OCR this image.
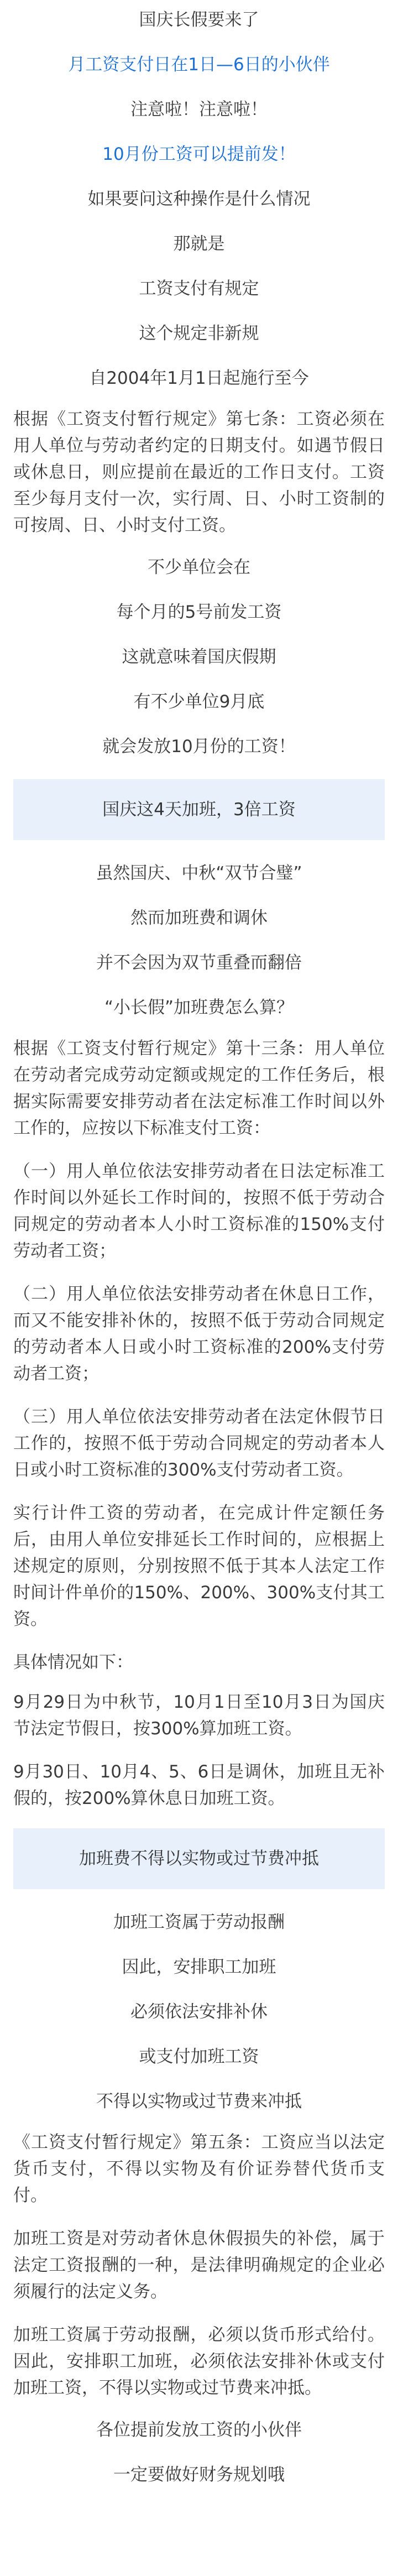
国庆长假要来了

月工资支付日在1日—6日的小伙伴

注意啦！注意啦！

10月份工资可以提前发！

如果要问这种操作是什么情况

那就是

工资支付有规定

这个规定非新规

自2004年1月1日起施行至今

根据《工资支付暂行规定》第七条：工资必须在用人单位与劳动者约定的日期支付。如遇节假日或休息日，则应提前在最近的工作日支付。工资至少每月支付一次，实行周、日、小时工资制的可按周、日、小时支付工资。

不少单位会在

每个月的5号前发工资

这就意味着国庆假期

有不少单位9月底

就会发放10月份的工资！

国庆这4天加班，3倍工资

虽然国庆、中秋“双节合璧”

然而加班费和调休

并不会因为双节重叠而翻倍

“小长假”加班费怎么算？

根据《工资支付暂行规定》第十三条：用人单位在劳动者完成劳动定额或规定的工作任务后，根据实际需要安排劳动者在法定标准工作时间以外工作的，应按以下标准支付工资：

（一）用人单位依法安排劳动者在日法定标准工作时间以外延长工作时间的，按照不低于劳动合同规定的劳动者本人小时工资标准的150%支付劳动者工资；

（二）用人单位依法安排劳动者在休息日工作，而又不能安排补休的，按照不低于劳动合同规定的劳动者本人日或小时工资标准的200%支付劳动者工资；

（三）用人单位依法安排劳动者在法定休假节日工作的，按照不低于劳动合同规定的劳动者本人日或小时工资标准的300%支付劳动者工资。

实行计件工资的劳动者，在完成计件定额任务后，由用人单位安排延长工作时间的，应根据上述规定的原则，分别按照不低于其本人法定工作时间计件单价的150%、200%、300%支付其工资。

具体情况如下：

9月29日为中秋节，10月1日至10月3日为国庆节法定节假日，按300%算加班工资。

9月30日、10月4、5、6日是调休，加班且无补假的，按200%算休息日加班工资。

加班费不得以实物或过节费冲抵

加班工资属于劳动报酬

因此，安排职工加班

必须依法安排补休

或支付加班工资

不得以实物或过节费来冲抵

《工资支付暂行规定》第五条：工资应当以法定货币支付，不得以实物及有价证券替代货币支付。

加班工资是对劳动者休息休假损失的补偿，属于法定工资报酬的一种，是法律明确规定的企业必须履行的法定义务。

加班工资属于劳动报酬，必须以货币形式给付。因此，安排职工加班，必须依法安排补休或支付加班工资，不得以实物或过节费来冲抵。

各位提前发放工资的小伙伴

一定要做好财务规划哦
